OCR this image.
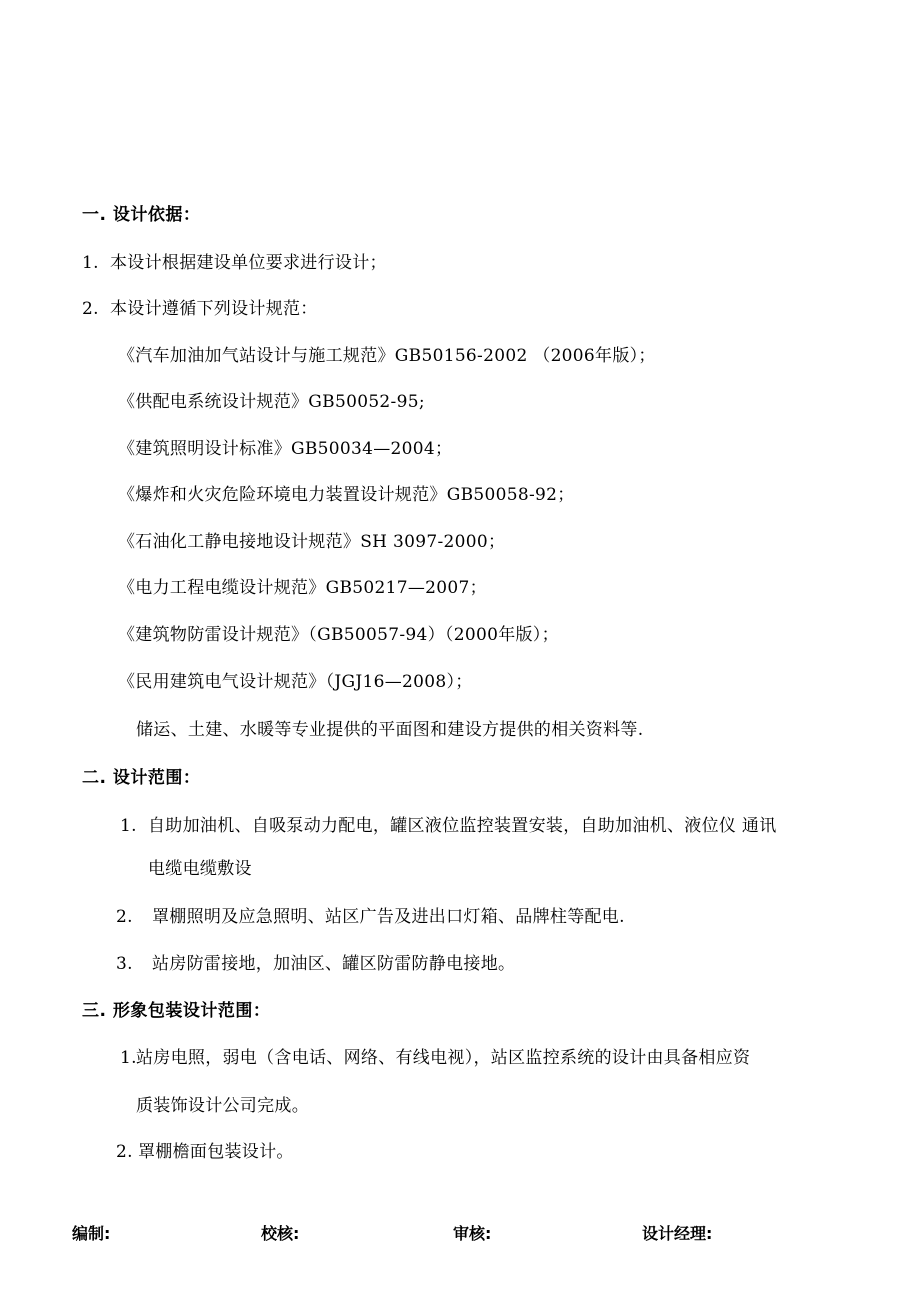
一. 设计依据：
1. 本设计根据建设单位要求进行设计；
2. 本设计遵循下列设计规范：
《汽车加油加气站设计与施工规范》GB50156-2002 （2006年版）；
《供配电系统设计规范》GB50052-95;
《建筑照明设计标准》GB50034—2004；
《爆炸和火灾危险环境电力装置设计规范》GB50058-92；
《石油化工静电接地设计规范》SH 3097-2000；
《电力工程电缆设计规范》GB50217—2007；
《建筑物防雷设计规范》（GB50057-94）（2000年版）；
《民用建筑电气设计规范》（JGJ16—2008）；
储运、土建、水暖等专业提供的平面图和建设方提供的相关资料等.
二. 设计范围：
1. 自助加油机、自吸泵动力配电，罐区液位监控装置安装，自助加油机、液位仪 通讯
电缆电缆敷设
2. 罩棚照明及应急照明、站区广告及进出口灯箱、品牌柱等配电.
3. 站房防雷接地，加油区、罐区防雷防静电接地。
三. 形象包装设计范围：
1.站房电照，弱电（含电话、网络、有线电视），站区监控系统的设计由具备相应资
质装饰设计公司完成。
2. 罩棚檐面包装设计。
编制:	校核:	审核:	设计经理:
